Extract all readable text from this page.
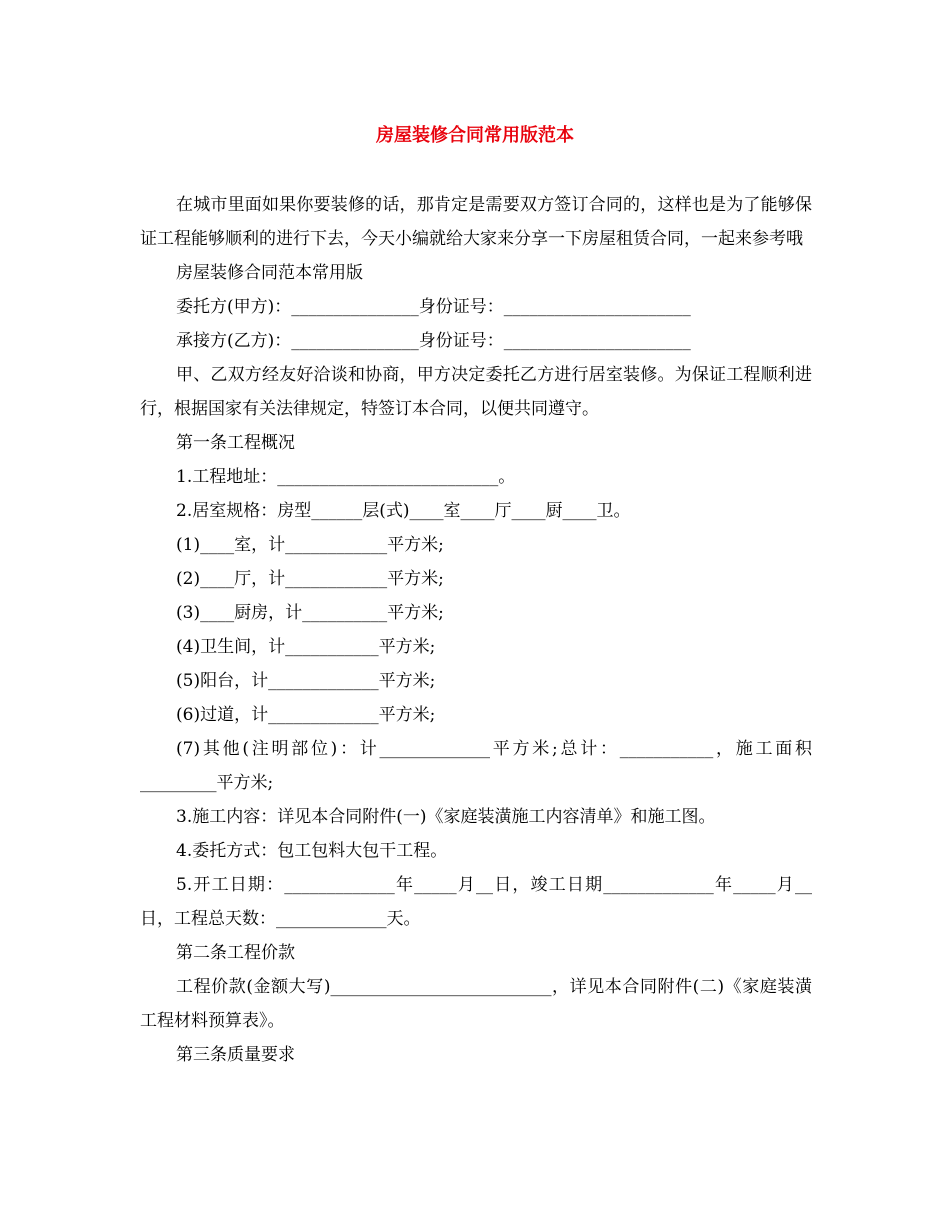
房屋装修合同常用版范本

在城市里面如果你要装修的话，那肯定是需要双方签订合同的，这样也是为了能够保证工程能够顺利的进行下去，今天小编就给大家来分享一下房屋租赁合同，一起来参考哦

房屋装修合同范本常用版

委托方(甲方)：_______________身份证号：______________________

承接方(乙方)：_______________身份证号：______________________

甲、乙双方经友好洽谈和协商，甲方决定委托乙方进行居室装修。为保证工程顺利进行，根据国家有关法律规定，特签订本合同，以便共同遵守。

第一条工程概况

1.工程地址：__________________________。

2.居室规格：房型______层(式)____室____厅____厨____卫。

(1)____室，计____________平方米;

(2)____厅，计____________平方米;

(3)____厨房，计__________平方米;

(4)卫生间，计___________平方米;

(5)阳台，计_____________平方米;

(6)过道，计_____________平方米;

(7)其他(注明部位)：计_____________平方米;总计：___________，施工面积_________平方米;

3.施工内容：详见本合同附件(一)《家庭装潢施工内容清单》和施工图。

4.委托方式：包工包料大包干工程。

5.开工日期：_____________年_____月__日，竣工日期_____________年_____月__日，工程总天数：_____________天。

第二条工程价款

工程价款(金额大写)__________________________，详见本合同附件(二)《家庭装潢工程材料预算表》。

第三条质量要求
